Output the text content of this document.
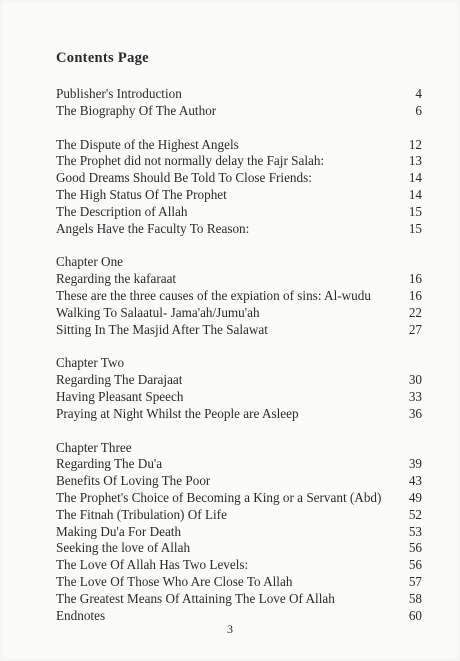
Contents Page
Publisher's Introduction	4
The Biography Of The Author	6
The Dispute of the Highest Angels	12
The Prophet did not normally delay the Fajr Salah:	13
Good Dreams Should Be Told To Close Friends:	14
The High Status Of The Prophet	14
The Description of Allah	15
Angels Have the Faculty To Reason:	15
Chapter One
Regarding the kafaraat	16
These are the three causes of the expiation of sins: Al-wudu	16
Walking To Salaatul- Jama'ah/Jumu'ah	22
Sitting In The Masjid After The Salawat	27
Chapter Two
Regarding The Darajaat	30
Having Pleasant Speech	33
Praying at Night Whilst the People are Asleep	36
Chapter Three
Regarding The Du'a	39
Benefits Of Loving The Poor	43
The Prophet's Choice of Becoming a King or a Servant (Abd)	49
The Fitnah (Tribulation) Of Life	52
Making Du'a For Death	53
Seeking the love of Allah	56
The Love Of Allah Has Two Levels:	56
The Love Of Those Who Are Close To Allah	57
The Greatest Means Of Attaining The Love Of Allah	58
Endnotes	60
3
